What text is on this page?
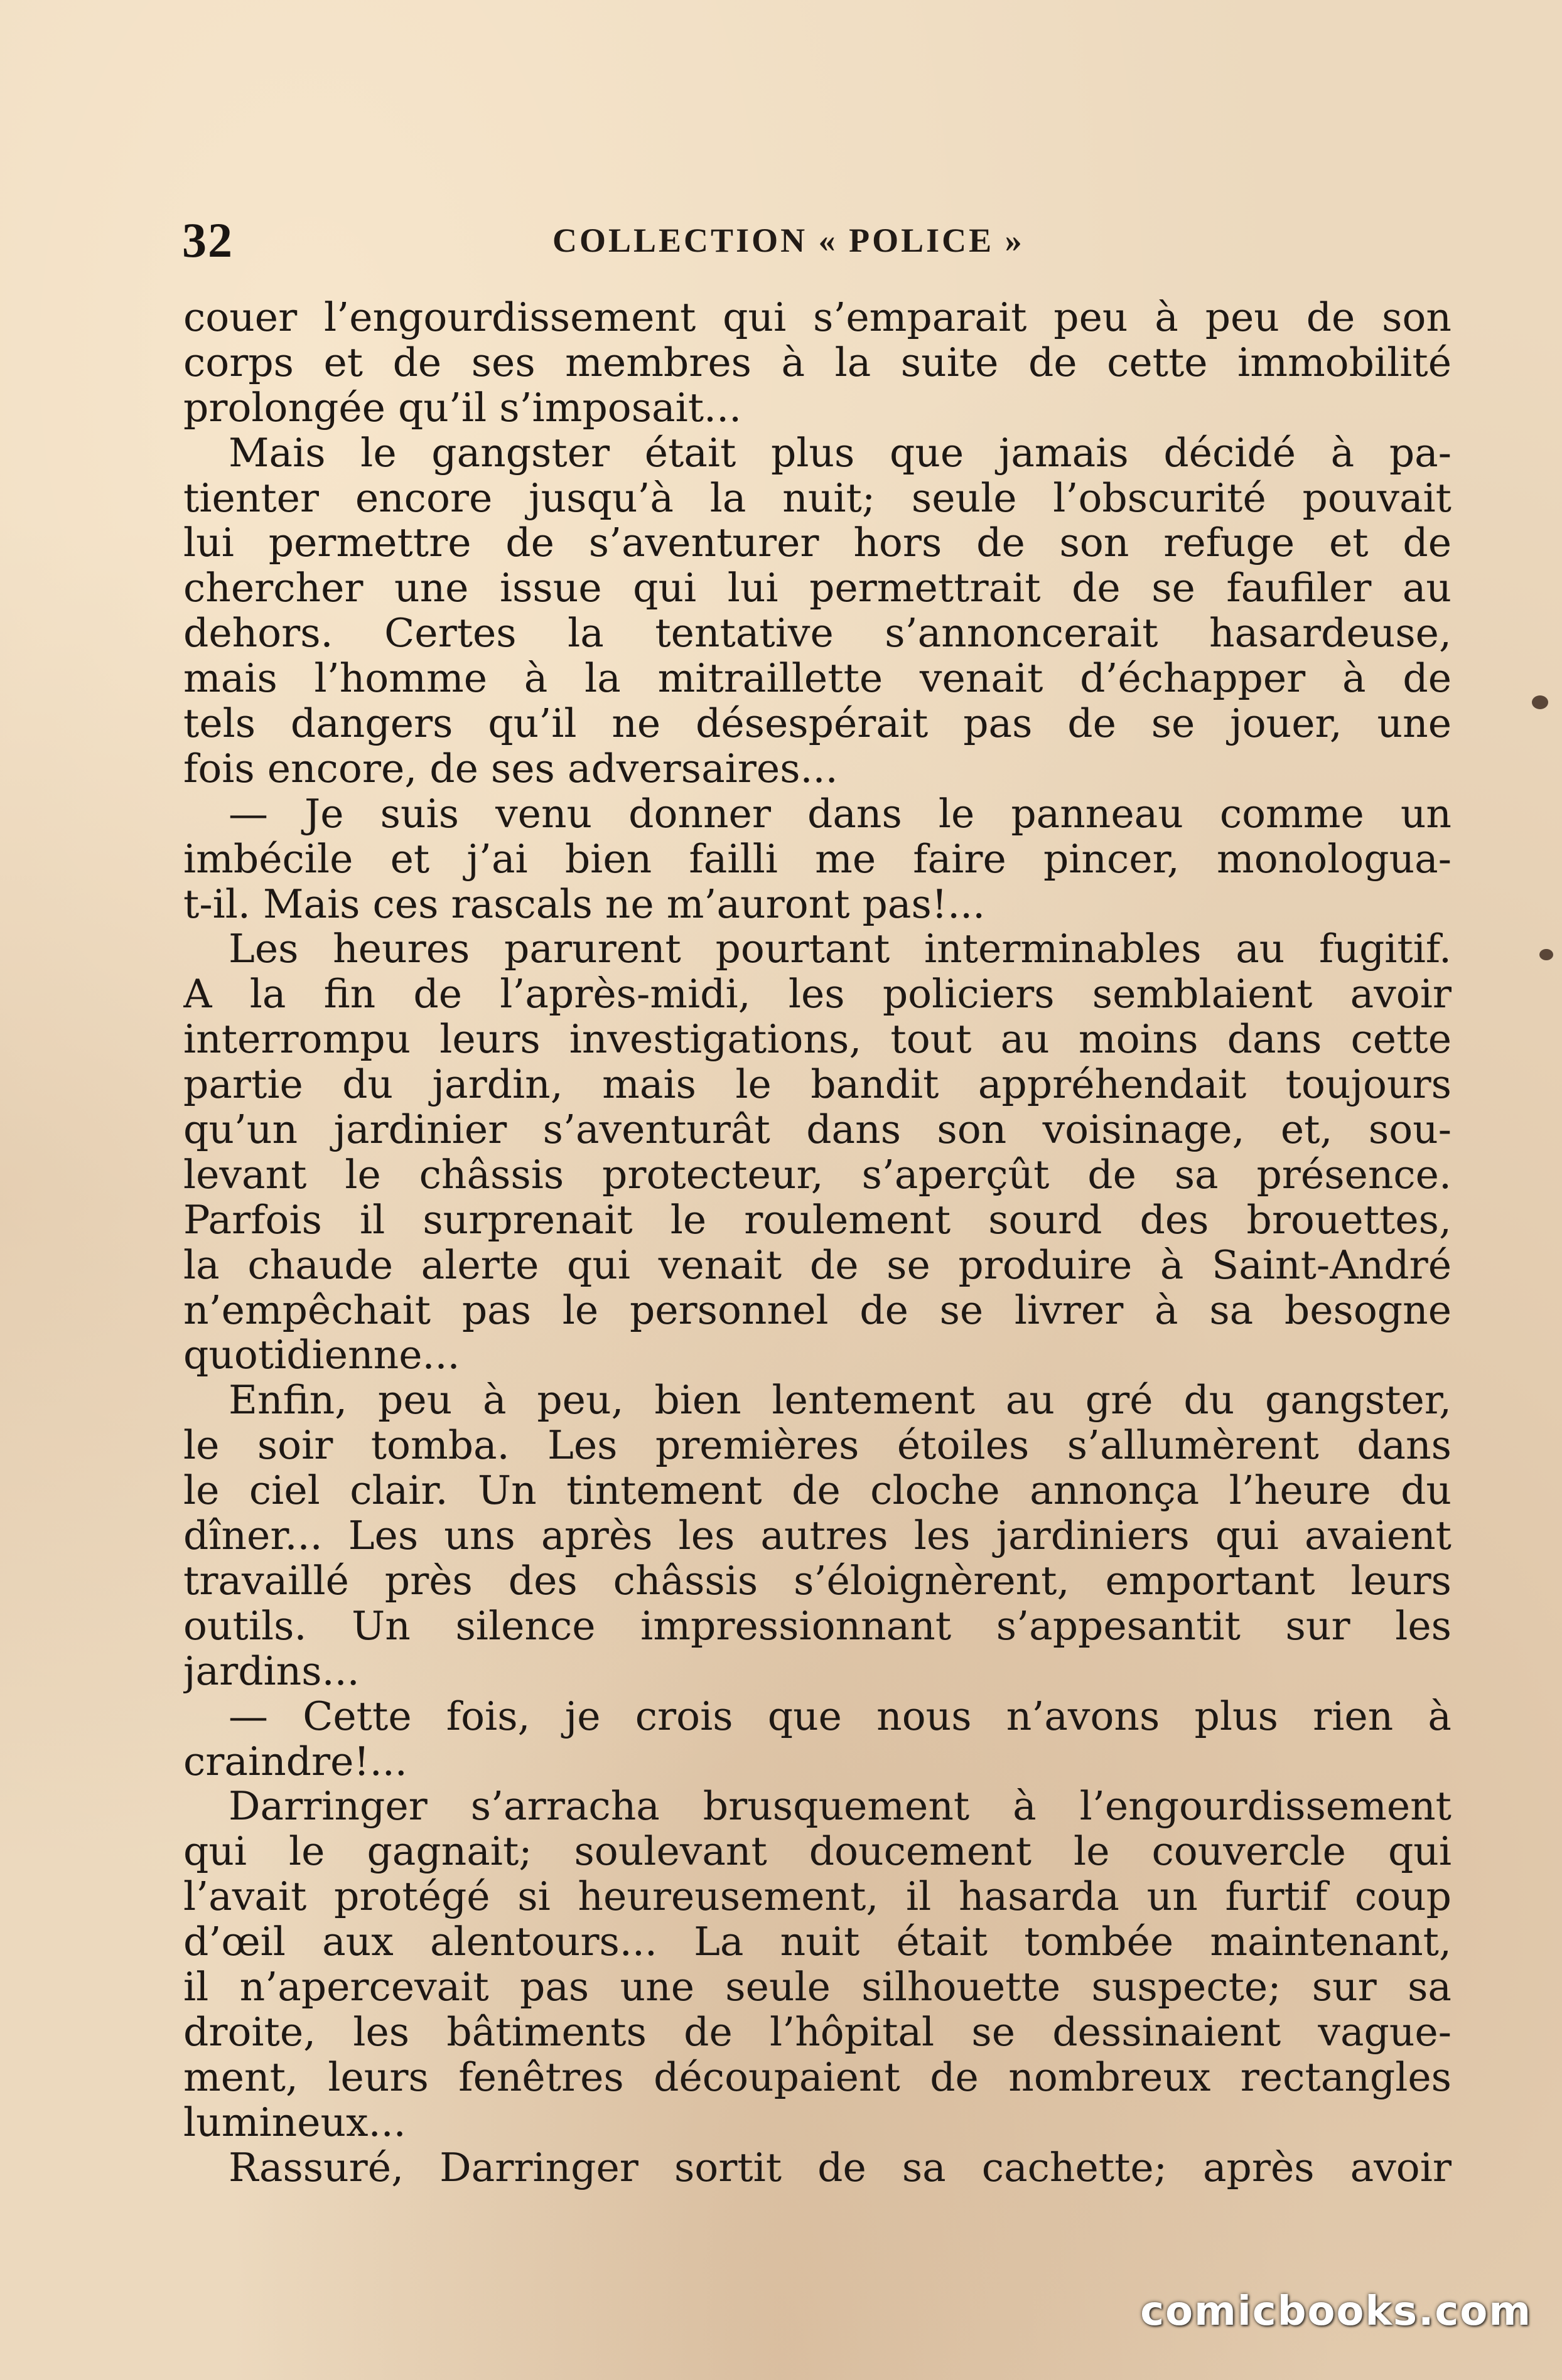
32	COLLECTION « POLICE »
couer l’engourdissement qui s’emparait peu à peu de son
corps et de ses membres à la suite de cette immobilité
prolongée qu’il s’imposait...
Mais le gangster était plus que jamais décidé à pa-
tienter encore jusqu’à la nuit; seule l’obscurité pouvait
lui permettre de s’aventurer hors de son refuge et de
chercher une issue qui lui permettrait de se faufiler au
dehors. Certes la tentative s’annoncerait hasardeuse,
mais l’homme à la mitraillette venait d’échapper à de
tels dangers qu’il ne désespérait pas de se jouer, une
fois encore, de ses adversaires...
— Je suis venu donner dans le panneau comme un
imbécile et j’ai bien failli me faire pincer, monologua-
t-il. Mais ces rascals ne m’auront pas!...
Les heures parurent pourtant interminables au fugitif.
A la fin de l’après-midi, les policiers semblaient avoir
interrompu leurs investigations, tout au moins dans cette
partie du jardin, mais le bandit appréhendait toujours
qu’un jardinier s’aventurât dans son voisinage, et, sou-
levant le châssis protecteur, s’aperçût de sa présence.
Parfois il surprenait le roulement sourd des brouettes,
la chaude alerte qui venait de se produire à Saint-André
n’empêchait pas le personnel de se livrer à sa besogne
quotidienne...
Enfin, peu à peu, bien lentement au gré du gangster,
le soir tomba. Les premières étoiles s’allumèrent dans
le ciel clair. Un tintement de cloche annonça l’heure du
dîner... Les uns après les autres les jardiniers qui avaient
travaillé près des châssis s’éloignèrent, emportant leurs
outils. Un silence impressionnant s’appesantit sur les
jardins...
— Cette fois, je crois que nous n’avons plus rien à
craindre!...
Darringer s’arracha brusquement à l’engourdissement
qui le gagnait; soulevant doucement le couvercle qui
l’avait protégé si heureusement, il hasarda un furtif coup
d’œil aux alentours... La nuit était tombée maintenant,
il n’apercevait pas une seule silhouette suspecte; sur sa
droite, les bâtiments de l’hôpital se dessinaient vague-
ment, leurs fenêtres découpaient de nombreux rectangles
lumineux...
Rassuré, Darringer sortit de sa cachette; après avoir
comicbooks.com
